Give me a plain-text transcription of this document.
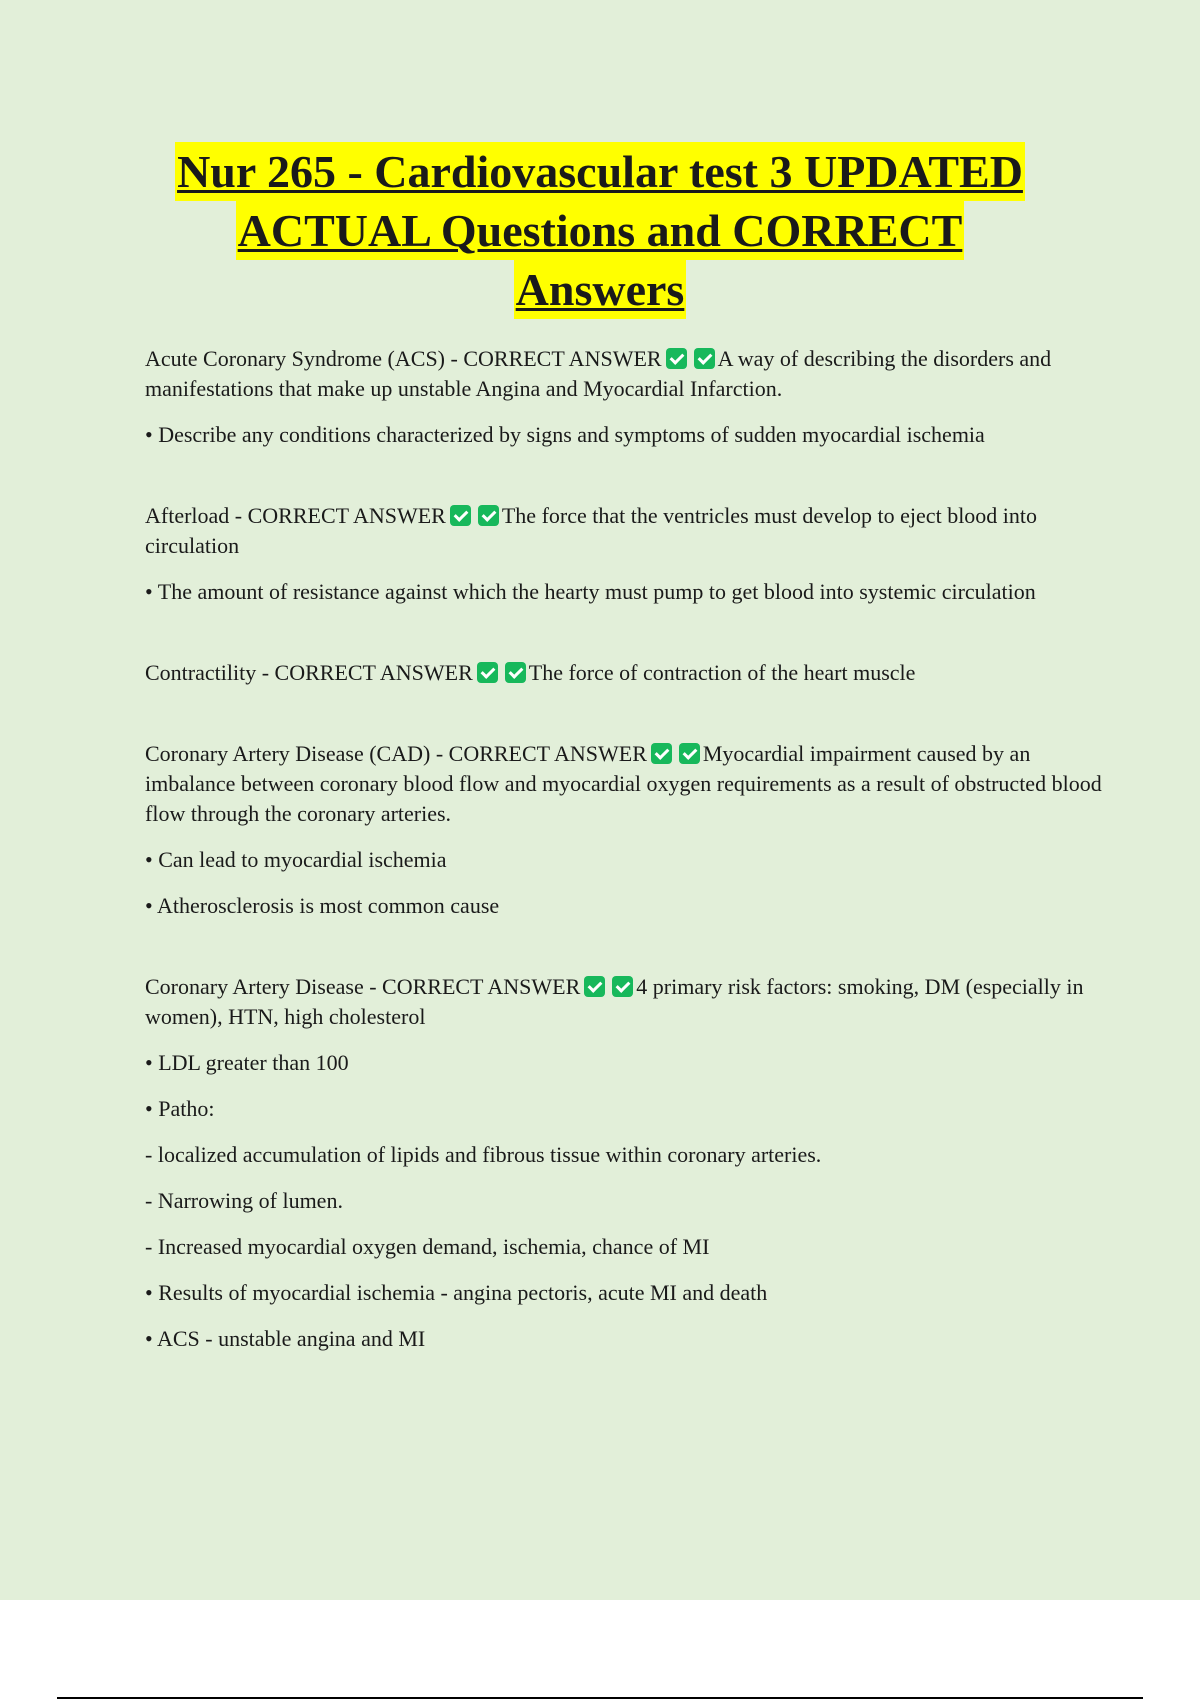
Nur 265 - Cardiovascular test 3 UPDATED
ACTUAL Questions and CORRECT
Answers

Acute Coronary Syndrome (ACS) - CORRECT ANSWER	A way of describing the disorders and manifestations that make up unstable Angina and Myocardial Infarction.

• Describe any conditions characterized by signs and symptoms of sudden myocardial ischemia

Afterload - CORRECT ANSWER	The force that the ventricles must develop to eject blood into circulation

• The amount of resistance against which the hearty must pump to get blood into systemic circulation

Contractility - CORRECT ANSWER	The force of contraction of the heart muscle

Coronary Artery Disease (CAD) - CORRECT ANSWER	Myocardial impairment caused by an imbalance between coronary blood flow and myocardial oxygen requirements as a result of obstructed blood flow through the coronary arteries.

• Can lead to myocardial ischemia

• Atherosclerosis is most common cause

Coronary Artery Disease - CORRECT ANSWER	4 primary risk factors: smoking, DM (especially in women), HTN, high cholesterol

• LDL greater than 100

• Patho:

- localized accumulation of lipids and fibrous tissue within coronary arteries.

- Narrowing of lumen.

- Increased myocardial oxygen demand, ischemia, chance of MI

• Results of myocardial ischemia - angina pectoris, acute MI and death

• ACS - unstable angina and MI
